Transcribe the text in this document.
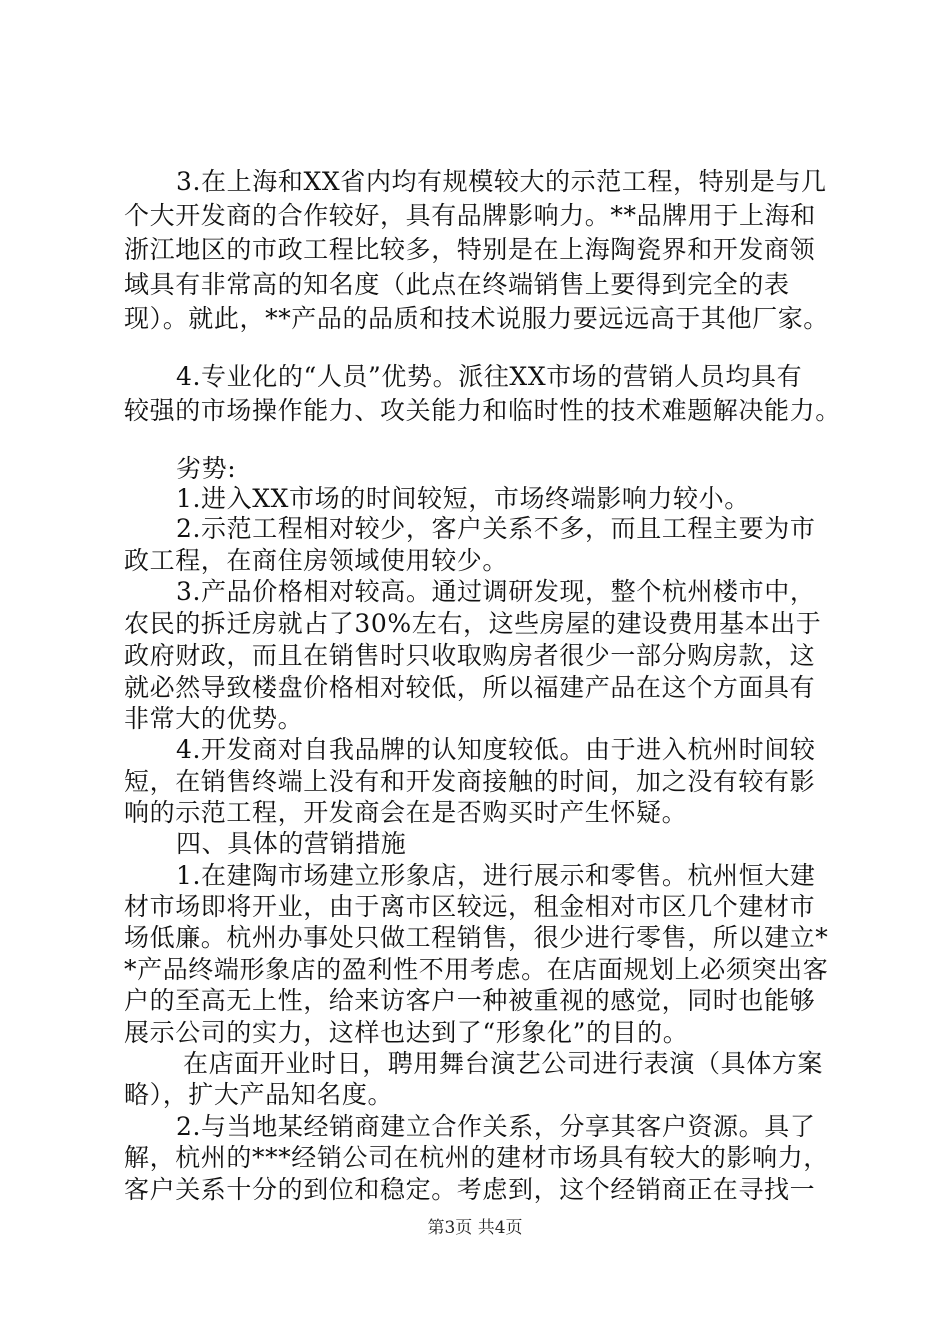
3.在上海和XX省内均有规模较大的示范工程，特别是与几
个大开发商的合作较好，具有品牌影响力。**品牌用于上海和
浙江地区的市政工程比较多，特别是在上海陶瓷界和开发商领
域具有非常高的知名度（此点在终端销售上要得到完全的表
现）。就此，**产品的品质和技术说服力要远远高于其他厂家。
4.专业化的“人员”优势。派往XX市场的营销人员均具有
较强的市场操作能力、攻关能力和临时性的技术难题解决能力。
劣势:
1.进入XX市场的时间较短，市场终端影响力较小。
2.示范工程相对较少，客户关系不多，而且工程主要为市
政工程，在商住房领域使用较少。
3.产品价格相对较高。通过调研发现，整个杭州楼市中，
农民的拆迁房就占了30%左右，这些房屋的建设费用基本出于
政府财政，而且在销售时只收取购房者很少一部分购房款，这
就必然导致楼盘价格相对较低，所以福建产品在这个方面具有
非常大的优势。
4.开发商对自我品牌的认知度较低。由于进入杭州时间较
短，在销售终端上没有和开发商接触的时间，加之没有较有影
响的示范工程，开发商会在是否购买时产生怀疑。
四、具体的营销措施
1.在建陶市场建立形象店，进行展示和零售。杭州恒大建
材市场即将开业，由于离市区较远，租金相对市区几个建材市
场低廉。杭州办事处只做工程销售，很少进行零售，所以建立*
*产品终端形象店的盈利性不用考虑。在店面规划上必须突出客
户的至高无上性，给来访客户一种被重视的感觉，同时也能够
展示公司的实力，这样也达到了“形象化”的目的。
在店面开业时日，聘用舞台演艺公司进行表演（具体方案
略），扩大产品知名度。
2.与当地某经销商建立合作关系，分享其客户资源。具了
解，杭州的***经销公司在杭州的建材市场具有较大的影响力，
客户关系十分的到位和稳定。考虑到，这个经销商正在寻找一
第3页 共4页
